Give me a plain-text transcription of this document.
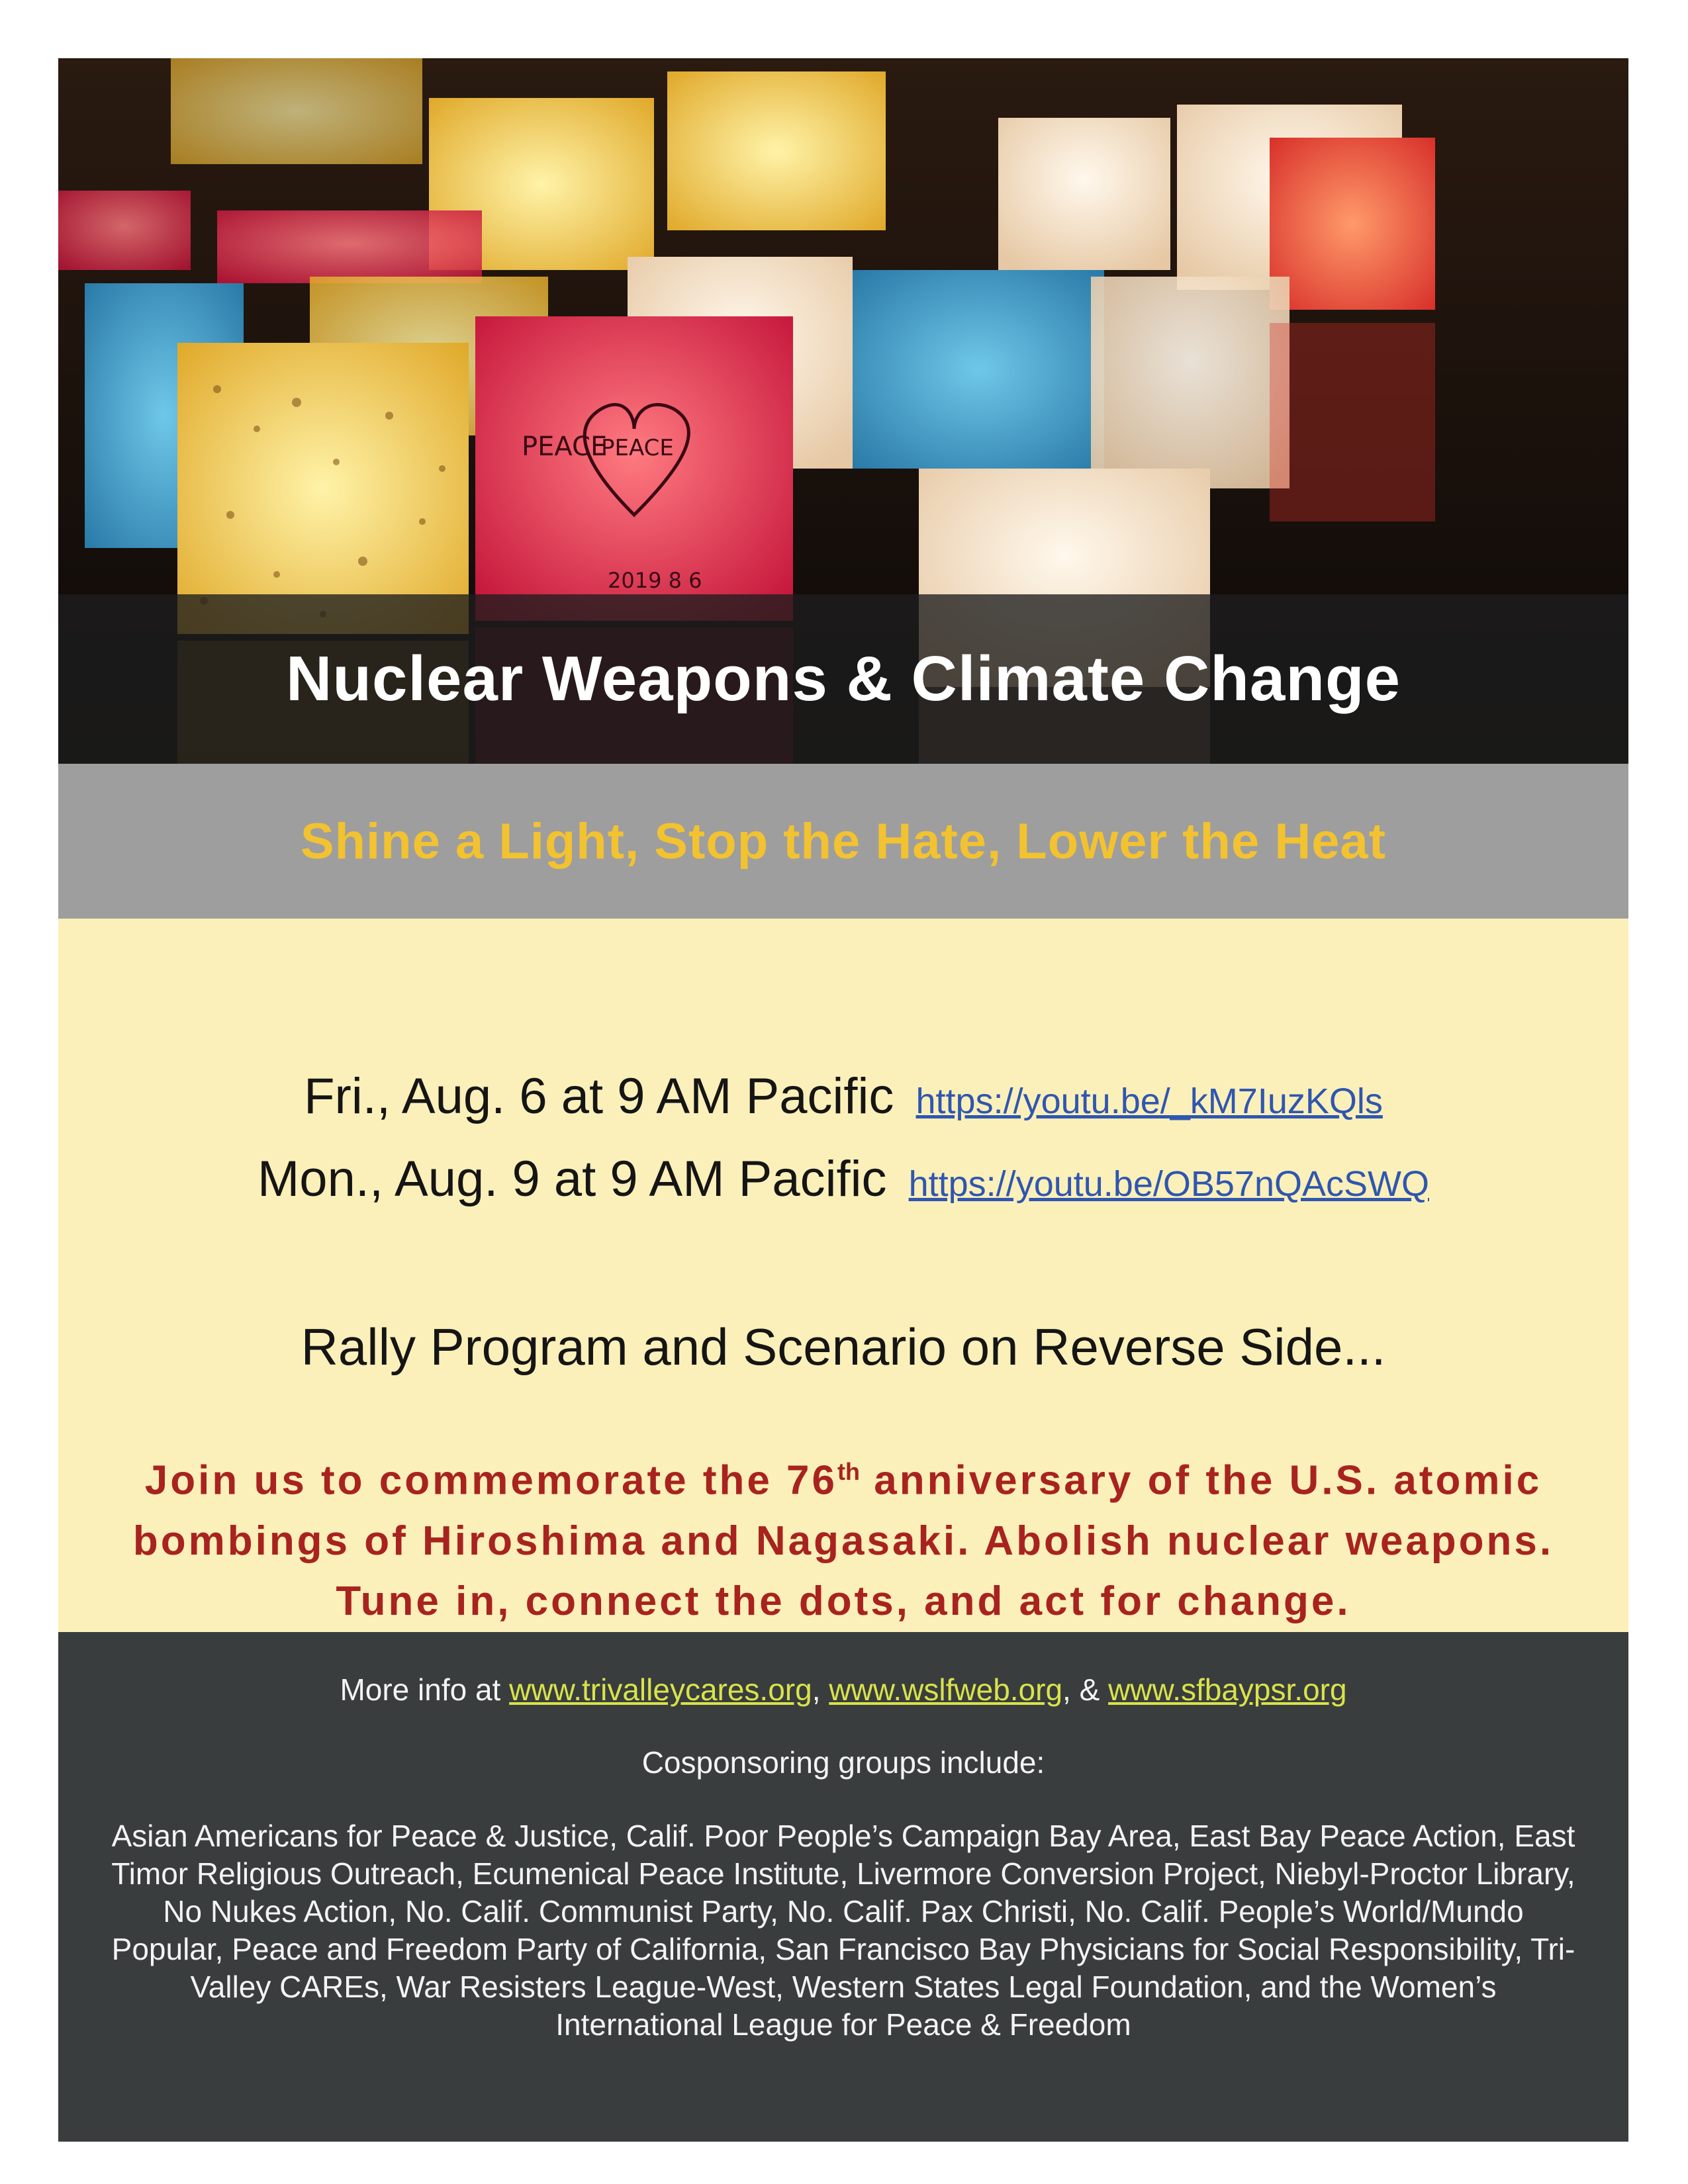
PEACE
PEACE
2019 8 6
Nuclear Weapons & Climate Change
Shine a Light, Stop the Hate, Lower the Heat
Fri., Aug. 6 at 9 AM Pacific https://youtu.be/_kM7IuzKQls
Mon., Aug. 9 at 9 AM Pacific https://youtu.be/OB57nQAcSWQ
Rally Program and Scenario on Reverse Side...
Join us to commemorate the 76th anniversary of the U.S. atomic bombings of Hiroshima and Nagasaki. Abolish nuclear weapons. Tune in, connect the dots, and act for change.
More info at www.trivalleycares.org, www.wslfweb.org, & www.sfbaypsr.org
Cosponsoring groups include:
Asian Americans for Peace & Justice, Calif. Poor People’s Campaign Bay Area, East Bay Peace Action, East Timor Religious Outreach, Ecumenical Peace Institute, Livermore Conversion Project, Niebyl-Proctor Library, No Nukes Action, No. Calif. Communist Party, No. Calif. Pax Christi, No. Calif. People’s World/Mundo Popular, Peace and Freedom Party of California, San Francisco Bay Physicians for Social Responsibility, Tri-Valley CAREs, War Resisters League-West, Western States Legal Foundation, and the Women’s International League for Peace & Freedom
